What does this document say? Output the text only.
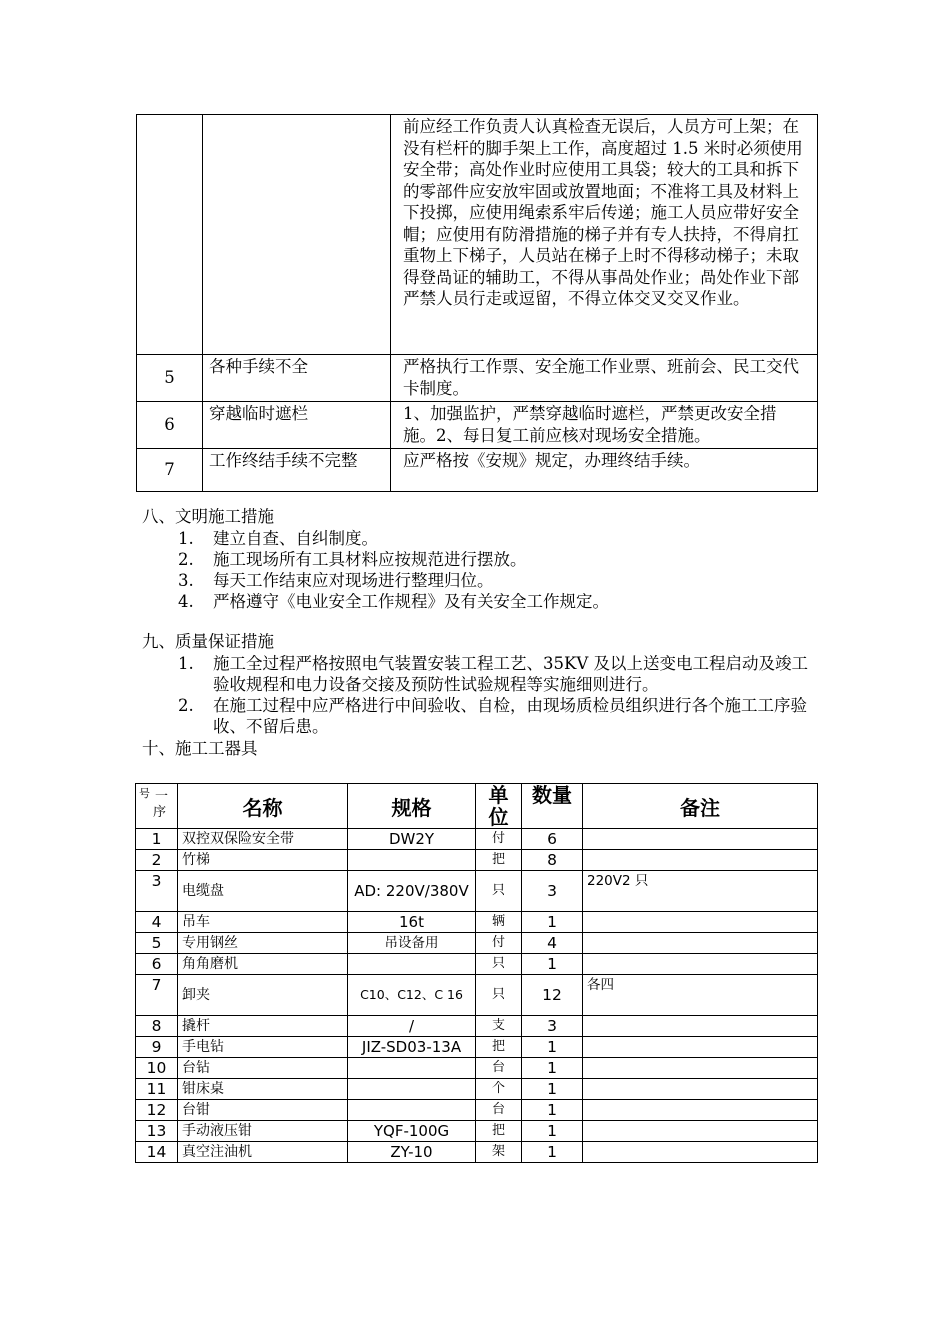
		前应经工作负责人认真检查无误后，人员方可上架；在没有栏杆的脚手架上工作，高度超过 1.5 米时必须使用安全带；高处作业时应使用工具袋；较大的工具和拆下的零部件应安放牢固或放置地面；不准将工具及材料上下投掷，应使用绳索系牢后传递；施工人员应带好安全帽；应使用有防滑措施的梯子并有专人扶持，不得肩扛重物上下梯子，人员站在梯子上时不得移动梯子；未取得登咼证的辅助工，不得从事咼处作业；咼处作业下部严禁人员行走或逗留，不得立体交叉交叉作业。
5	各种手续不全	严格执行工作票、安全施工作业票、班前会、民工交代卡制度。
6	穿越临时遮栏	1、加强监护，严禁穿越临时遮栏，严禁更改安全措施。2、每日复工前应核对现场安全措施。
7	工作终结手续不完整	应严格按《安规》规定，办理终结手续。
八、文明施工措施
1. 建立自查、自纠制度。
2. 施工现场所有工具材料应按规范进行摆放。
3. 每天工作结束应对现场进行整理归位。
4. 严格遵守《电业安全工作规程》及有关安全工作规定。
九、质量保证措施
1. 施工全过程严格按照电气装置安装工程工艺、35KV 及以上送变电工程启动及竣工验收规程和电力设备交接及预防性试验规程等实施细则进行。
2. 在施工过程中应严格进行中间验收、自检，由现场质检员组织进行各个施工工序验收、不留后患。
十、施工工器具
号 一
序	名称	规格	单位	数量	备注
1	双控双保险安全带	DW2Y	付	6	
2	竹梯		把	8	
3	电缆盘	AD: 220V/380V	只	3	220V2 只
4	吊车	16t	辆	1	
5	专用钢丝	吊设备用	付	4	
6	角角磨机		只	1	
7	卸夹	C10、C12、C 16	只	12	各四
8	撬杆	/	支	3	
9	手电钻	JIZ-SD03-13A	把	1	
10	台钻		台	1	
11	钳床桌		个	1	
12	台钳		台	1	
13	手动液压钳	YQF-100G	把	1	
14	真空注油机	ZY-10	架	1	
